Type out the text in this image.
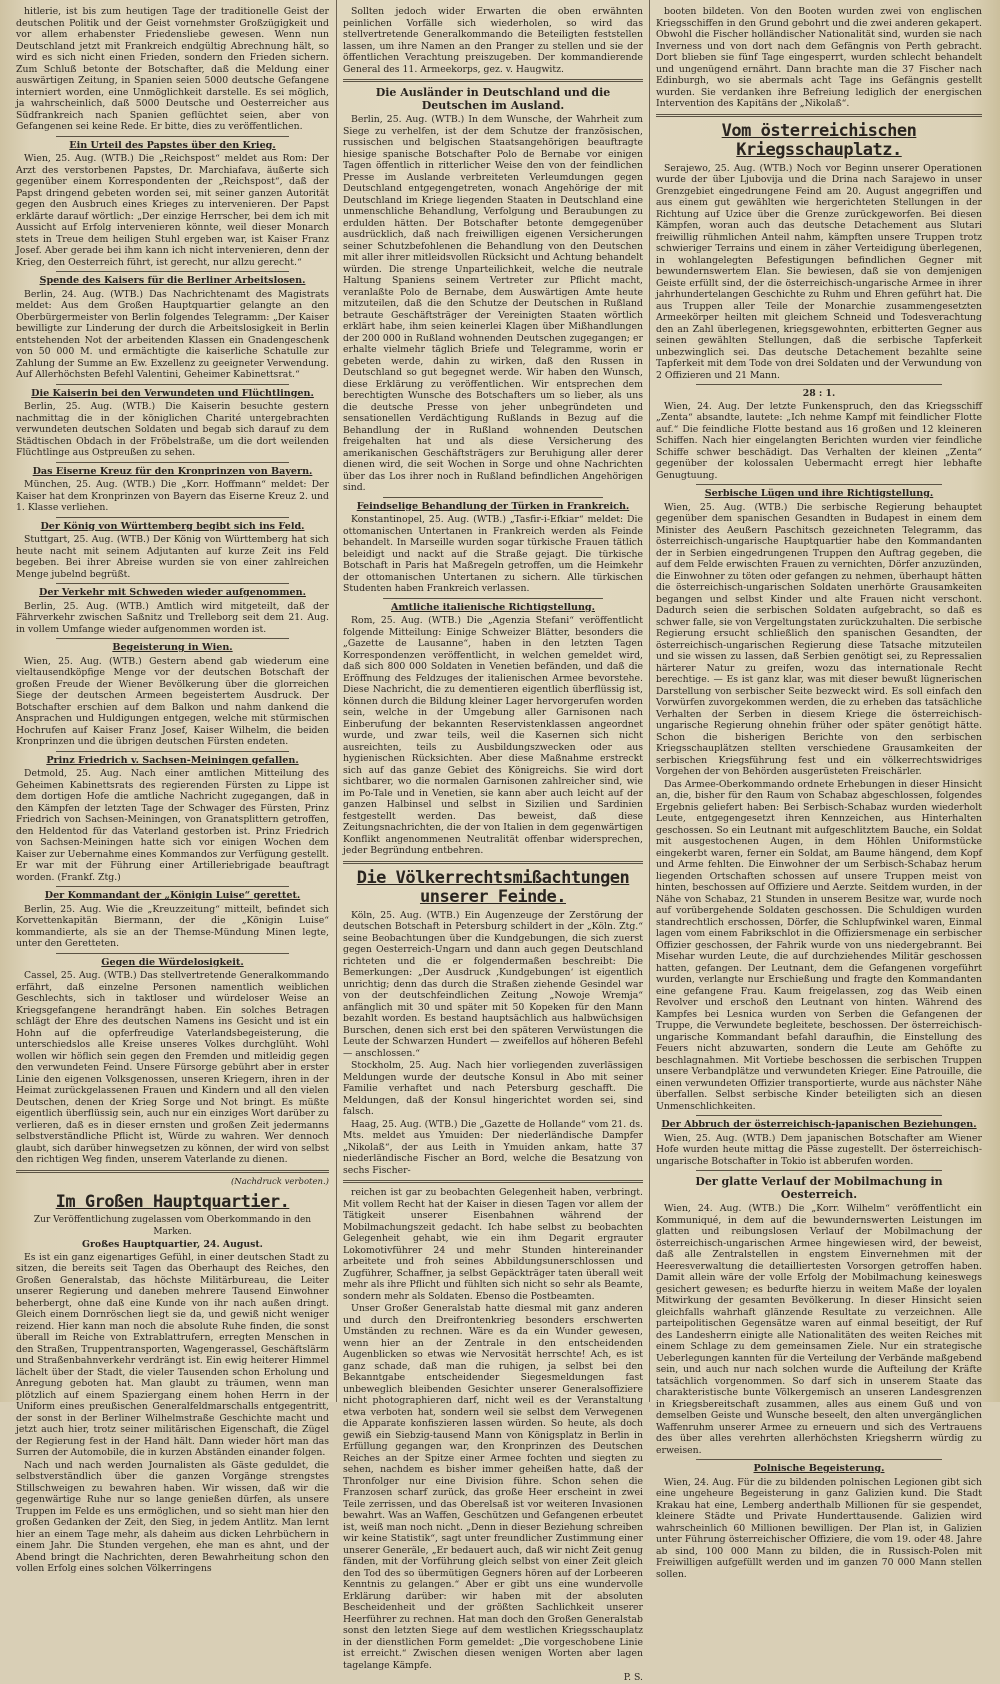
hitlerie, ist bis zum heutigen Tage der traditionelle Geist der deutschen Politik und der Geist vornehmster Großzügigkeit und vor allem erhabenster Friedensliebe gewesen. Wenn nun Deutschland jetzt mit Frankreich endgültig Abrechnung hält, so wird es sich nicht einen Frieden, sondern den Frieden sichern. Zum Schluß betonte der Botschafter, daß die Meldung einer auswärtigen Zeitung, in Spanien seien 5000 deutsche Gefangene interniert worden, eine Unmöglichkeit darstelle. Es sei möglich, ja wahrscheinlich, daß 5000 Deutsche und Oesterreicher aus Südfrankreich nach Spanien geflüchtet seien, aber von Gefangenen sei keine Rede. Er bitte, dies zu veröffentlichen.

Ein Urteil des Papstes über den Krieg.

Wien, 25. Aug. (WTB.) Die „Reichspost“ meldet aus Rom: Der Arzt des verstorbenen Papstes, Dr. Marchiafava, äußerte sich gegenüber einem Korrespondenten der „Reichspost“, daß der Papst dringend gebeten worden sei, mit seiner ganzen Autorität gegen den Ausbruch eines Krieges zu intervenieren. Der Papst erklärte darauf wörtlich: „Der einzige Herrscher, bei dem ich mit Aussicht auf Erfolg intervenieren könnte, weil dieser Monarch stets in Treue dem heiligen Stuhl ergeben war, ist Kaiser Franz Josef. Aber gerade bei ihm kann ich nicht intervenieren, denn der Krieg, den Oesterreich führt, ist gerecht, nur allzu gerecht.“

Spende des Kaisers für die Berliner Arbeitslosen.

Berlin, 24. Aug. (WTB.) Das Nachrichtenamt des Magistrats meldet: Aus dem Großen Hauptquartier gelangte an den Oberbürgermeister von Berlin folgendes Telegramm: „Der Kaiser bewilligte zur Linderung der durch die Arbeitslosigkeit in Berlin entstehenden Not der arbeitenden Klassen ein Gnadengeschenk von 50 000 M. und ermächtigte die kaiserliche Schatulle zur Zahlung der Summe an Ew. Exzellenz zu geeigneter Verwendung. Auf Allerhöchsten Befehl Valentini, Geheimer Kabinettsrat.“

Die Kaiserin bei den Verwundeten und Flüchtlingen.

Berlin, 25. Aug. (WTB.) Die Kaiserin besuchte gestern nachmittag die in der königlichen Charité untergebrachten verwundeten deutschen Soldaten und begab sich darauf zu dem Städtischen Obdach in der Fröbelstraße, um die dort weilenden Flüchtlinge aus Ostpreußen zu sehen.

Das Eiserne Kreuz für den Kronprinzen von Bayern.

München, 25. Aug. (WTB.) Die „Korr. Hoffmann“ meldet: Der Kaiser hat dem Kronprinzen von Bayern das Eiserne Kreuz 2. und 1. Klasse verliehen.

Der König von Württemberg begibt sich ins Feld.

Stuttgart, 25. Aug. (WTB.) Der König von Württemberg hat sich heute nacht mit seinem Adjutanten auf kurze Zeit ins Feld begeben. Bei ihrer Abreise wurden sie von einer zahlreichen Menge jubelnd begrüßt.

Der Verkehr mit Schweden wieder aufgenommen.

Berlin, 25. Aug. (WTB.) Amtlich wird mitgeteilt, daß der Fährverkehr zwischen Saßnitz und Trelleborg seit dem 21. Aug. in vollem Umfange wieder aufgenommen worden ist.

Begeisterung in Wien.

Wien, 25. Aug. (WTB.) Gestern abend gab wiederum eine vieltausendköpfige Menge vor der deutschen Botschaft der großen Freude der Wiener Bevölkerung über die glorreichen Siege der deutschen Armeen begeistertem Ausdruck. Der Botschafter erschien auf dem Balkon und nahm dankend die Ansprachen und Huldigungen entgegen, welche mit stürmischen Hochrufen auf Kaiser Franz Josef, Kaiser Wilhelm, die beiden Kronprinzen und die übrigen deutschen Fürsten endeten.

Prinz Friedrich v. Sachsen-Meiningen gefallen.

Detmold, 25. Aug. Nach einer amtlichen Mitteilung des Geheimen Kabinettsrats des regierenden Fürsten zu Lippe ist dem dortigen Hofe die amtliche Nachricht zugegangen, daß in den Kämpfen der letzten Tage der Schwager des Fürsten, Prinz Friedrich von Sachsen-Meiningen, von Granatsplittern getroffen, den Heldentod für das Vaterland gestorben ist. Prinz Friedrich von Sachsen-Meiningen hatte sich vor einigen Wochen dem Kaiser zur Uebernahme eines Kommandos zur Verfügung gestellt. Er war mit der Führung einer Artilleriebrigade beauftragt worden. (Frankf. Ztg.)

Der Kommandant der „Königin Luise“ gerettet.

Berlin, 25. Aug. Wie die „Kreuzzeitung“ mitteilt, befindet sich Korvettenkapitän Biermann, der die „Königin Luise“ kommandierte, als sie an der Themse-Mündung Minen legte, unter den Geretteten.

Gegen die Würdelosigkeit.

Cassel, 25. Aug. (WTB.) Das stellvertretende Generalkommando erfährt, daß einzelne Personen namentlich weiblichen Geschlechts, sich in taktloser und würdeloser Weise an Kriegsgefangene herandrängt haben. Ein solches Betragen schlägt der Ehre des deutschen Namens ins Gesicht und ist ein Hohn auf die opferfreudige Vaterlandsbegeisterung, die unterschiedslos alle Kreise unseres Volkes durchglüht. Wohl wollen wir höflich sein gegen den Fremden und mitleidig gegen den verwundeten Feind. Unsere Fürsorge gebührt aber in erster Linie den eigenen Volksgenossen, unseren Kriegern, ihren in der Heimat zurückgelassenen Frauen und Kindern und all den vielen Deutschen, denen der Krieg Sorge und Not bringt. Es müßte eigentlich überflüssig sein, auch nur ein einziges Wort darüber zu verlieren, daß es in dieser ernsten und großen Zeit jedermanns selbstverständliche Pflicht ist, Würde zu wahren. Wer dennoch glaubt, sich darüber hinwegsetzen zu können, der wird von selbst den richtigen Weg finden, unserem Vaterlande zu dienen.

(Nachdruck verboten.)

Im Großen Hauptquartier.

Zur Veröffentlichung zugelassen vom Oberkommando in den Marken.

Großes Hauptquartier, 24. August.

Es ist ein ganz eigenartiges Gefühl, in einer deutschen Stadt zu sitzen, die bereits seit Tagen das Oberhaupt des Reiches, den Großen Generalstab, das höchste Militärbureau, die Leiter unserer Regierung und daneben mehrere Tausend Einwohner beherbergt, ohne daß eine Kunde von ihr nach außen dringt. Gleich einem Dornröschen liegt sie da, und gewiß nicht weniger reizend. Hier kann man noch die absolute Ruhe finden, die sonst überall im Reiche von Extrablattrufern, erregten Menschen in den Straßen, Truppentransporten, Wagengerassel, Geschäftslärm und Straßenbahnverkehr verdrängt ist. Ein ewig heiterer Himmel lächelt über der Stadt, die vieler Tausenden schon Erholung und Anregung geboten hat. Man glaubt zu träumen, wenn man plötzlich auf einem Spaziergang einem hohen Herrn in der Uniform eines preußischen Generalfeldmarschalls entgegentritt, der sonst in der Berliner Wilhelmstraße Geschichte macht und jetzt auch hier, trotz seiner militärischen Eigenschaft, die Zügel der Regierung fest in der Hand hält. Dann wieder hört man das Surren der Automobile, die in kurzen Abständen einander folgen.

Nach und nach werden Journalisten als Gäste geduldet, die selbstverständlich über die ganzen Vorgänge strengstes Stillschweigen zu bewahren haben. Wir wissen, daß wir die gegenwärtige Ruhe nur so lange genießen dürfen, als unsere Truppen im Felde es uns ermöglichen, und so sieht man hier den großen Gedanken der Zeit, den Sieg, in jedem Antlitz. Man lernt hier an einem Tage mehr, als daheim aus dicken Lehrbüchern in einem Jahr. Die Stunden vergehen, ehe man es ahnt, und der Abend bringt die Nachrichten, deren Bewahrheitung schon den vollen Erfolg eines solchen Völkerringens

Sollten jedoch wider Erwarten die oben erwähnten peinlichen Vorfälle sich wiederholen, so wird das stellvertretende Generalkommando die Beteiligten feststellen lassen, um ihre Namen an den Pranger zu stellen und sie der öffentlichen Verachtung preiszugeben. Der kommandierende General des 11. Armeekorps, gez. v. Haugwitz.

Die Ausländer in Deutschland und die Deutschen im Ausland.

Berlin, 25. Aug. (WTB.) In dem Wunsche, der Wahrheit zum Siege zu verhelfen, ist der dem Schutze der französischen, russischen und belgischen Staatsangehörigen beauftragte hiesige spanische Botschafter Polo de Bernabe vor einigen Tagen öffentlich in ritterlicher Weise den von der feindlichen Presse im Auslande verbreiteten Verleumdungen gegen Deutschland entgegengetreten, wonach Angehörige der mit Deutschland im Kriege liegenden Staaten in Deutschland eine unmenschliche Behandlung, Verfolgung und Beraubungen zu erdulden hätten. Der Botschafter betonte demgegenüber ausdrücklich, daß nach freiwilligen eigenen Versicherungen seiner Schutzbefohlenen die Behandlung von den Deutschen mit aller ihrer mitleidsvollen Rücksicht und Achtung behandelt würden. Die strenge Unparteilichkeit, welche die neutrale Haltung Spaniens seinem Vertreter zur Pflicht macht, veranlaßte Polo de Bernabe, dem Auswärtigen Amte heute mitzuteilen, daß die den Schutze der Deutschen in Rußland betraute Geschäftsträger der Vereinigten Staaten wörtlich erklärt habe, ihm seien keinerlei Klagen über Mißhandlungen der 200 000 in Rußland wohnenden Deutschen zugegangen; er erhalte vielmehr täglich Briefe und Telegramme, worin er gebeten werde, dahin zu wirken, daß den Russen in Deutschland so gut begegnet werde. Wir haben den Wunsch, diese Erklärung zu veröffentlichen. Wir entsprechen dem berechtigten Wunsche des Botschafters um so lieber, als uns die deutsche Presse von jeher unbegründeten und sensationellen Verdächtigung Rußlands in Bezug auf die Behandlung der in Rußland wohnenden Deutschen freigehalten hat und als diese Versicherung des amerikanischen Geschäftsträgers zur Beruhigung aller derer dienen wird, die seit Wochen in Sorge und ohne Nachrichten über das Los ihrer noch in Rußland befindlichen Angehörigen sind.

Feindselige Behandlung der Türken in Frankreich.

Konstantinopel, 25. Aug. (WTB.) „Tasfir-i-Efkiar“ meldet: Die ottomanischen Untertanen in Frankreich werden als Feinde behandelt. In Marseille wurden sogar türkische Frauen tätlich beleidigt und nackt auf die Straße gejagt. Die türkische Botschaft in Paris hat Maßregeln getroffen, um die Heimkehr der ottomanischen Untertanen zu sichern. Alle türkischen Studenten haben Frankreich verlassen.

Amtliche italienische Richtigstellung.

Rom, 25. Aug. (WTB.) Die „Agenzia Stefani“ veröffentlicht folgende Mitteilung: Einige Schweizer Blätter, besonders die „Gazette de Lausanne“, haben in den letzten Tagen Korrespondenzen veröffentlicht, in welchen gemeldet wird, daß sich 800 000 Soldaten in Venetien befänden, und daß die Eröffnung des Feldzuges der italienischen Armee bevorstehe. Diese Nachricht, die zu dementieren eigentlich überflüssig ist, können durch die Bildung kleiner Lager hervorgerufen worden sein, welche in der Umgebung aller Garnisonen nach Einberufung der bekannten Reservistenklassen angeordnet wurde, und zwar teils, weil die Kasernen sich nicht ausreichten, teils zu Ausbildungszwecken oder aus hygienischen Rücksichten. Aber diese Maßnahme erstreckt sich auf das ganze Gebiet des Königreichs. Sie wird dort sichtbarer, wo die normalen Garnisonen zahlreicher sind, wie im Po-Tale und in Venetien, sie kann aber auch leicht auf der ganzen Halbinsel und selbst in Sizilien und Sardinien festgestellt werden. Das beweist, daß diese Zeitungsnachrichten, die der von Italien in dem gegenwärtigen Konflikt angenommenen Neutralität offenbar widersprechen, jeder Begründung entbehren.

Die Völkerrechtsmißachtungen unserer Feinde.

Köln, 25. Aug. (WTB.) Ein Augenzeuge der Zerstörung der deutschen Botschaft in Petersburg schildert in der „Köln. Ztg.“ seine Beobachtungen über die Kundgebungen, die sich zuerst gegen Oesterreich-Ungarn und dann auch gegen Deutschland richteten und die er folgendermaßen beschreibt: Die Bemerkungen: „Der Ausdruck ‚Kundgebungen‘ ist eigentlich unrichtig; denn das durch die Straßen ziehende Gesindel war von der deutschfeindlichen Zeitung „Nowoje Wremja“ anfänglich mit 30 und später mit 50 Kopeken für den Mann bezahlt worden. Es bestand hauptsächlich aus halbwüchsigen Burschen, denen sich erst bei den späteren Verwüstungen die Leute der Schwarzen Hundert — zweifellos auf höheren Befehl — anschlossen.“

Stockholm, 25. Aug. Nach hier vorliegenden zuverlässigen Meldungen wurde der deutsche Konsul in Abo mit seiner Familie verhaftet und nach Petersburg geschafft. Die Meldungen, daß der Konsul hingerichtet worden sei, sind falsch.

Haag, 25. Aug. (WTB.) Die „Gazette de Hollande“ vom 21. ds. Mts. meldet aus Ymuiden: Der niederländische Dampfer „Nikolaß“, der aus Leith in Ymuiden ankam, hatte 37 niederländische Fischer an Bord, welche die Besatzung von sechs Fischer-

reichen ist gar zu beobachten Gelegenheit haben, verbringt. Mit vollem Recht hat der Kaiser in diesen Tagen vor allem der Tätigkeit unserer Eisenbahnen während der Mobilmachungszeit gedacht. Ich habe selbst zu beobachten Gelegenheit gehabt, wie ein ihm Degarit ergrauter Lokomotivführer 24 und mehr Stunden hintereinander arbeitete und froh seines Abbildungsunerschlossen und Zugführer, Schaffner, ja selbst Gepäckträger taten überall weit mehr als ihre Pflicht und fühlten sich nicht so sehr als Beamte, sondern mehr als Soldaten. Ebenso die Postbeamten.

Unser Großer Generalstab hatte diesmal mit ganz anderen und durch den Dreifrontenkrieg besonders erschwerten Umständen zu rechnen. Wäre es da ein Wunder gewesen, wenn hier an der Zentrale in den entscheidenden Augenblicken so etwas wie Nervosität herrschte! Ach, es ist ganz schade, daß man die ruhigen, ja selbst bei den Bekanntgabe entscheidender Siegesmeldungen fast unbeweglich bleibenden Gesichter unserer Generalsoffiziere nicht photographieren darf, nicht weil es der Veranstaltung etwa verboten hat, sondern weil sie selbst dem Verwegenen die Apparate konfiszieren lassen würden. So heute, als doch gewiß ein Siebzig-tausend Mann von Königsplatz in Berlin in Erfüllung gegangen war, den Kronprinzen des Deutschen Reiches an der Spitze einer Armee fochten und siegten zu sehen, nachdem es bisher immer geheißen hatte, daß der Thronfolger nur eine Division führe. Schon sehen die Franzosen scharf zurück, das große Heer erscheint in zwei Teile zerrissen, und das Oberelsaß ist vor weiteren Invasionen bewahrt. Was an Waffen, Geschützen und Gefangenen erbeutet ist, weiß man noch nicht. „Denn in dieser Beziehung schreiben wir keine Statistik“, sagt unter freundlicher Zustimmung einer unserer Generäle, „Er bedauert auch, daß wir nicht Zeit genug fänden, mit der Vorführung gleich selbst von einer Zeit gleich den Tod des so übermütigen Gegners hören auf der Lorbeeren Kenntnis zu gelangen.“ Aber er gibt uns eine wundervolle Erklärung darüber: wir haben mit der absoluten Bescheidenheit und der größten Sachlichkeit unserer Heerführer zu rechnen. Hat man doch den Großen Generalstab sonst den letzten Siege auf dem westlichen Kriegsschauplatz in der dienstlichen Form gemeldet: „Die vorgeschobene Linie ist erreicht.“ Zwischen diesen wenigen Worten aber lagen tagelange Kämpfe.

P. S.

booten bildeten. Von den Booten wurden zwei von englischen Kriegsschiffen in den Grund gebohrt und die zwei anderen gekapert. Obwohl die Fischer holländischer Nationalität sind, wurden sie nach Inverness und von dort nach dem Gefängnis von Perth gebracht. Dort blieben sie fünf Tage eingesperrt, wurden schlecht behandelt und ungenügend ernährt. Dann brachte man die 37 Fischer nach Edinburgh, wo sie abermals acht Tage ins Gefängnis gestellt wurden. Sie verdanken ihre Befreiung lediglich der energischen Intervention des Kapitäns der „Nikolaß“.

Vom österreichischen Kriegsschauplatz.

Serajewo, 25. Aug. (WTB.) Noch vor Beginn unserer Operationen wurde der über Ljubovija und die Drina nach Sarajewo in unser Grenzgebiet eingedrungene Feind am 20. August angegriffen und aus einem gut gewählten wie hergerichteten Stellungen in der Richtung auf Uzice über die Grenze zurückgeworfen. Bei diesen Kämpfen, woran auch das deutsche Detachement aus Slutari freiwillig rühmlichen Anteil nahm, kämpften unsere Truppen trotz schwieriger Terrains und einem in zäher Verteidigung überlegenen, in wohlangelegten Befestigungen befindlichen Gegner mit bewundernswertem Elan. Sie bewiesen, daß sie von demjenigen Geiste erfüllt sind, der die österreichisch-ungarische Armee in ihrer jahrhundertelangen Geschichte zu Ruhm und Ehren geführt hat. Die aus Truppen aller Teile der Monarchie zusammengesetzten Armeekörper heilten mit gleichem Schneid und Todesverachtung den an Zahl überlegenen, kriegsgewohnten, erbitterten Gegner aus seinen gewählten Stellungen, daß die serbische Tapferkeit unbezwinglich sei. Das deutsche Detachement bezahlte seine Tapferkeit mit dem Tode von drei Soldaten und der Verwundung von 2 Offizieren und 21 Mann.

28 : 1.

Wien, 24. Aug. Der letzte Funkenspruch, den das Kriegsschiff „Zenta“ absandte, lautete: „Ich nehme Kampf mit feindlicher Flotte auf.“ Die feindliche Flotte bestand aus 16 großen und 12 kleineren Schiffen. Nach hier eingelangten Berichten wurden vier feindliche Schiffe schwer beschädigt. Das Verhalten der kleinen „Zenta“ gegenüber der kolossalen Uebermacht erregt hier lebhafte Genugtuung.

Serbische Lügen und ihre Richtigstellung.

Wien, 25. Aug. (WTB.) Die serbische Regierung behauptet gegenüber dem spanischen Gesandten in Budapest in einem dem Minister des Aeußern Paschitsch gezeichneten Telegramm, das österreichisch-ungarische Hauptquartier habe den Kommandanten der in Serbien eingedrungenen Truppen den Auftrag gegeben, die auf dem Felde erwischten Frauen zu vernichten, Dörfer anzuzünden, die Einwohner zu töten oder gefangen zu nehmen, überhaupt hätten die österreichisch-ungarischen Soldaten unerhörte Grausamkeiten begangen und selbst Kinder und alte Frauen nicht verschont. Dadurch seien die serbischen Soldaten aufgebracht, so daß es schwer falle, sie von Vergeltungstaten zurückzuhalten. Die serbische Regierung ersucht schließlich den spanischen Gesandten, der österreichisch-ungarischen Regierung diese Tatsache mitzuteilen und sie wissen zu lassen, daß Serbien genötigt sei, zu Repressalien härterer Natur zu greifen, wozu das internationale Recht berechtige. — Es ist ganz klar, was mit dieser bewußt lügnerischen Darstellung von serbischer Seite bezweckt wird. Es soll einfach den Vorwürfen zuvorgekommen werden, die zu erheben das tatsächliche Verhalten der Serben in diesem Kriege die österreichisch-ungarische Regierung ohnehin früher oder später genötigt hätte. Schon die bisherigen Berichte von den serbischen Kriegsschauplätzen stellten verschiedene Grausamkeiten der serbischen Kriegsführung fest und ein völkerrechtswidriges Vorgehen der von Behörden ausgerüsteten Freischärler.

Das Armee-Oberkommando ordnete Erhebungen in dieser Hinsicht an, die, bisher für den Raum von Schabaz abgeschlossen, folgendes Ergebnis geliefert haben: Bei Serbisch-Schabaz wurden wiederholt Leute, entgegengesetzt ihren Kennzeichen, aus Hinterhalten geschossen. So ein Leutnant mit aufgeschlitztem Bauche, ein Soldat mit ausgestochenen Augen, in dem Höhlen Uniformstücke eingekerbt waren, ferner ein Soldat, am Baume hängend, dem Kopf und Arme fehlten. Die Einwohner der um Serbisch-Schabaz herum liegenden Ortschaften schossen auf unsere Truppen meist von hinten, beschossen auf Offiziere und Aerzte. Seitdem wurden, in der Nähe von Schabaz, 21 Stunden in unserem Besitze war, wurde noch auf vorübergehende Soldaten geschossen. Die Schuldigen wurden standrechtlich erschossen, Dörfer, die Schlupfwinkel waren, Einmal lagen vom einem Fabrikschlot in die Offiziersmenage ein serbischer Offizier geschossen, der Fahrik wurde von uns niedergebrannt. Bei Misehar wurden Leute, die auf durchziehendes Militär geschossen hatten, gefangen. Der Leutnant, dem die Gefangenen vorgeführt wurden, verlangte nur Erschießung und fragte den Kommandanten eine gefangene Frau. Kaum freigelassen, zog das Weib einen Revolver und erschoß den Leutnant von hinten. Während des Kampfes bei Lesnica wurden von Serben die Gefangenen der Truppe, die Verwundete begleitete, beschossen. Der österreichisch-ungarische Kommandant befahl daraufhin, die Einstellung des Feuers nicht abzuwarten, sondern die Leute am Gehöfte zu beschlagnahmen. Mit Vortiebe beschossen die serbischen Truppen unsere Verbandplätze und verwundeten Krieger. Eine Patrouille, die einen verwundeten Offizier transportierte, wurde aus nächster Nähe überfallen. Selbst serbische Kinder beteiligten sich an diesen Unmenschlichkeiten.

Der Abbruch der österreichisch-japanischen Beziehungen.

Wien, 25. Aug. (WTB.) Dem japanischen Botschafter am Wiener Hofe wurden heute mittag die Pässe zugestellt. Der österreichisch-ungarische Botschafter in Tokio ist abberufen worden.

Der glatte Verlauf der Mobilmachung in Oesterreich.

Wien, 24. Aug. (WTB.) Die „Korr. Wilhelm“ veröffentlicht ein Kommuniqué, in dem auf die bewundernswerten Leistungen im glatten und reibungslosen Verlauf der Mobilmachung der österreichisch-ungarischen Armee hingewiesen wird, der beweist, daß alle Zentralstellen in engstem Einvernehmen mit der Heeresverwaltung die detailliertesten Vorsorgen getroffen haben. Damit allein wäre der volle Erfolg der Mobilmachung keineswegs gesichert gewesen; es bedurfte hierzu in weitem Maße der loyalen Mitwirkung der gesamten Bevölkerung. In dieser Hinsicht seien gleichfalls wahrhaft glänzende Resultate zu verzeichnen. Alle parteipolitischen Gegensätze waren auf einmal beseitigt, der Ruf des Landesherrn einigte alle Nationalitäten des weiten Reiches mit einem Schlage zu dem gemeinsamen Ziele. Nur ein strategische Ueberlegungen kannten für die Verteilung der Verbände maßgebend sein, und auch nur nach solchen wurde die Aufteilung der Kräfte tatsächlich vorgenommen. So darf sich in unserem Staate das charakteristische bunte Völkergemisch an unseren Landesgrenzen in Kriegsbereitschaft zusammen, alles aus einem Guß und von demselben Geiste und Wunsche beseelt, den alten unvergänglichen Waffenruhm unserer Armee zu erneuern und sich des Vertrauens des über alles verehrten allerhöchsten Kriegsherrn würdig zu erweisen.

Polnische Begeisterung.

Wien, 24. Aug. Für die zu bildenden polnischen Legionen gibt sich eine ungeheure Begeisterung in ganz Galizien kund. Die Stadt Krakau hat eine, Lemberg anderthalb Millionen für sie gespendet, kleinere Städte und Private Hunderttausende. Galizien wird wahrscheinlich 60 Millionen bewilligen. Der Plan ist, in Galizien unter Führung österreichischer Offiziere, die vom 19. oder 48. Jahre ab sind, 100 000 Mann zu bilden, die in Russisch-Polen mit Freiwilligen aufgefüllt werden und im ganzen 70 000 Mann stellen sollen.
